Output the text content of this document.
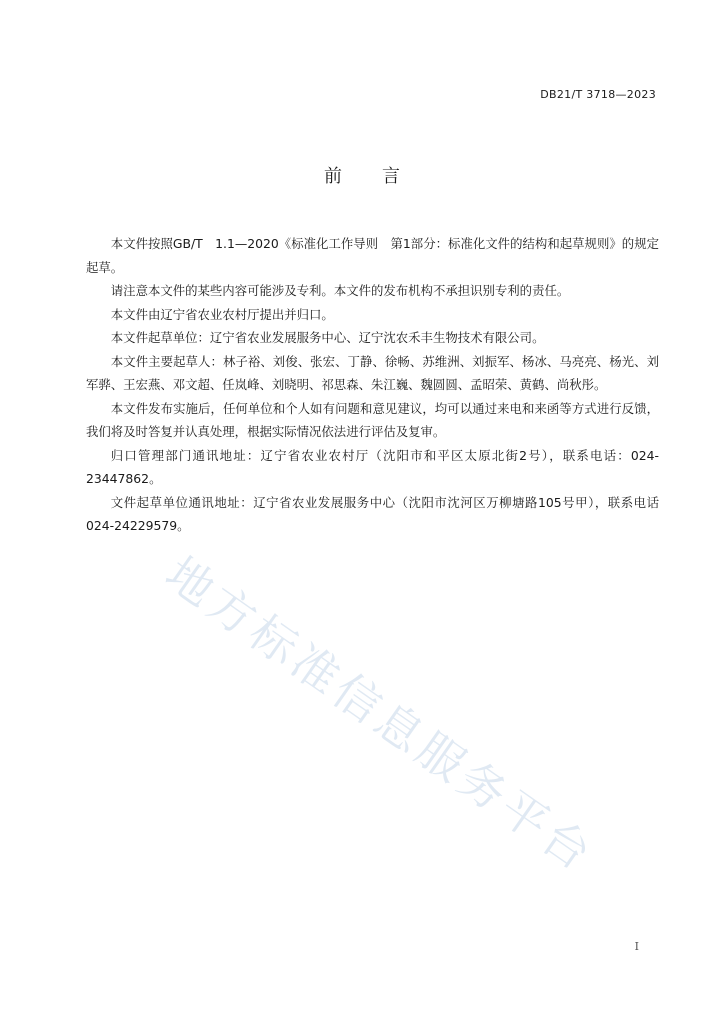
DB21/T 3718—2023
前言

本文件按照GB/T　1.1—2020《标准化工作导则　第1部分：标准化文件的结构和起草规则》的规定起草。

请注意本文件的某些内容可能涉及专利。本文件的发布机构不承担识别专利的责任。

本文件由辽宁省农业农村厅提出并归口。

本文件起草单位：辽宁省农业发展服务中心、辽宁沈农禾丰生物技术有限公司。

本文件主要起草人：林子裕、刘俊、张宏、丁静、徐畅、苏维洲、刘振军、杨冰、马亮亮、杨光、刘军骅、王宏燕、邓文超、任岚峰、刘晓明、祁思森、朱江巍、魏圆圆、孟昭荣、黄鹤、尚秋彤。

本文件发布实施后，任何单位和个人如有问题和意见建议，均可以通过来电和来函等方式进行反馈，我们将及时答复并认真处理，根据实际情况依法进行评估及复审。

归口管理部门通讯地址：辽宁省农业农村厅（沈阳市和平区太原北街2号），联系电话：024-23447862。

文件起草单位通讯地址：辽宁省农业发展服务中心（沈阳市沈河区万柳塘路105号甲），联系电话024-24229579。

地方标准信息服务平台
I
